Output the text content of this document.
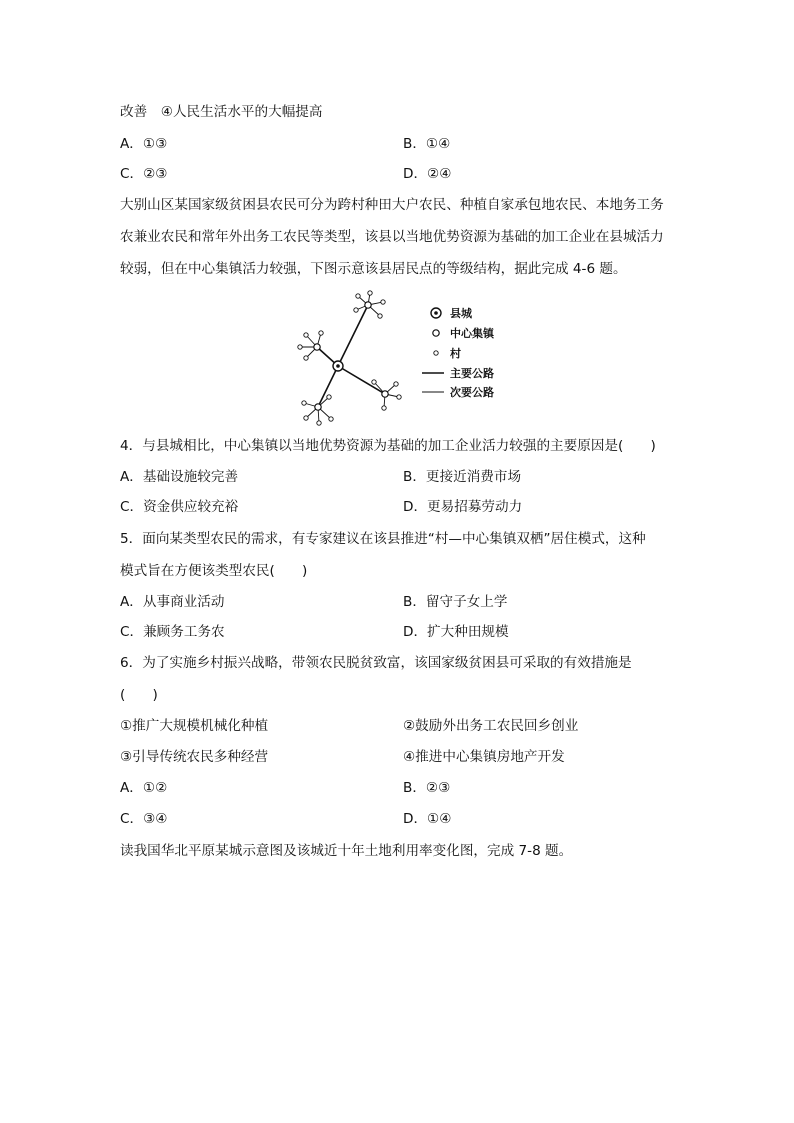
改善　④人民生活水平的大幅提高
A．①③	B．①④
C．②③	D．②④
大别山区某国家级贫困县农民可分为跨村种田大户农民、种植自家承包地农民、本地务工务
农兼业农民和常年外出务工农民等类型，该县以当地优势资源为基础的加工企业在县城活力
较弱，但在中心集镇活力较强，下图示意该县居民点的等级结构，据此完成 4-6 题。
县城
中心集镇
村
主要公路
次要公路
4．与县城相比，中心集镇以当地优势资源为基础的加工企业活力较强的主要原因是(　　)
A．基础设施较完善	B．更接近消费市场
C．资金供应较充裕	D．更易招募劳动力
5．面向某类型农民的需求，有专家建议在该县推进“村—中心集镇双栖”居住模式，这种
模式旨在方便该类型农民(　　)
A．从事商业活动	B．留守子女上学
C．兼顾务工务农	D．扩大种田规模
6．为了实施乡村振兴战略，带领农民脱贫致富，该国家级贫困县可采取的有效措施是
(　　)
①推广大规模机械化种植	②鼓励外出务工农民回乡创业
③引导传统农民多种经营	④推进中心集镇房地产开发
A．①②	B．②③
C．③④	D．①④
读我国华北平原某城示意图及该城近十年土地利用率变化图，完成 7-8 题。
